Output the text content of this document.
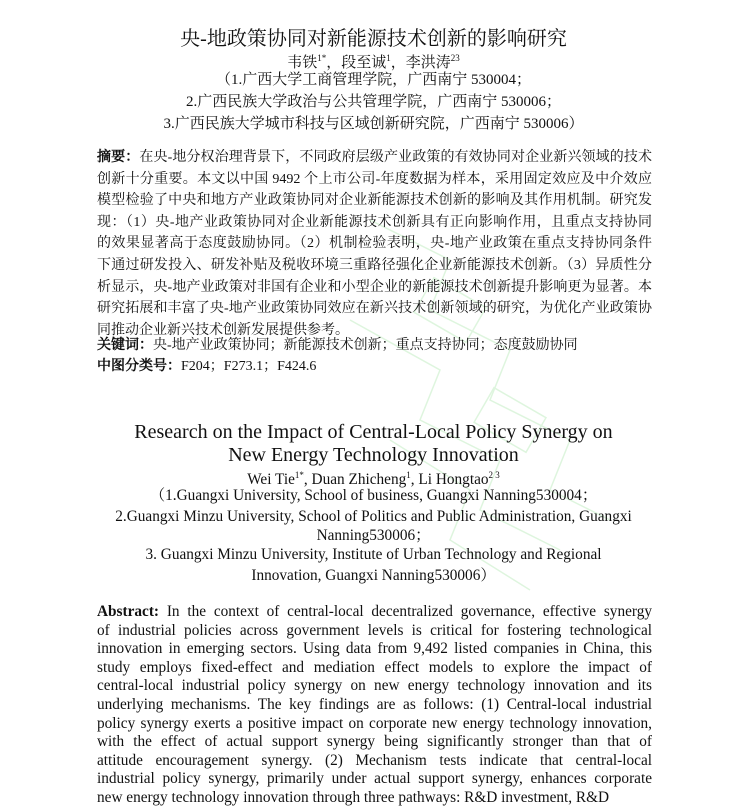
央-地政策协同对新能源技术创新的影响研究
韦铁$^{1*}$，段至诚$^1$，李洪涛$^{23}$
（1.广西大学工商管理学院，广西南宁 530004；
2.广西民族大学政治与公共管理学院，广西南宁 530006；
3.广西民族大学城市科技与区域创新研究院，广西南宁 530006）
摘要：在央-地分权治理背景下，不同政府层级产业政策的有效协同对企业新兴领域的技术
创新十分重要。本文以中国 9492 个上市公司-年度数据为样本，采用固定效应及中介效应
模型检验了中央和地方产业政策协同对企业新能源技术创新的影响及其作用机制。研究发
现：（1）央-地产业政策协同对企业新能源技术创新具有正向影响作用，且重点支持协同
的效果显著高于态度鼓励协同。（2）机制检验表明，央-地产业政策在重点支持协同条件
下通过研发投入、研发补贴及税收环境三重路径强化企业新能源技术创新。（3）异质性分
析显示，央-地产业政策对非国有企业和小型企业的新能源技术创新提升影响更为显著。本
研究拓展和丰富了央-地产业政策协同效应在新兴技术创新领域的研究，为优化产业政策协
同推动企业新兴技术创新发展提供参考。
关键词：央-地产业政策协同；新能源技术创新；重点支持协同；态度鼓励协同
中图分类号：F204；F273.1；F424.6
Research on the Impact of Central-Local Policy Synergy on
New Energy Technology Innovation
Wei Tie$^{1*}$, Duan Zhicheng$^1$, Li Hongtao$^{2 3}$
（1.Guangxi University, School of business, Guangxi Nanning530004；
2.Guangxi Minzu University, School of Politics and Public Administration, Guangxi
Nanning530006；
3. Guangxi Minzu University, Institute of Urban Technology and Regional
Innovation, Guangxi Nanning530006）
Abstract: In the context of central-local decentralized governance, effective synergy
of industrial policies across government levels is critical for fostering technological
innovation in emerging sectors. Using data from 9,492 listed companies in China, this
study employs fixed-effect and mediation effect models to explore the impact of
central-local industrial policy synergy on new energy technology innovation and its
underlying mechanisms. The key findings are as follows: (1) Central-local industrial
policy synergy exerts a positive impact on corporate new energy technology innovation,
with the effect of actual support synergy being significantly stronger than that of
attitude encouragement synergy. (2) Mechanism tests indicate that central-local
industrial policy synergy, primarily under actual support synergy, enhances corporate
new energy technology innovation through three pathways: R&D investment, R&D
